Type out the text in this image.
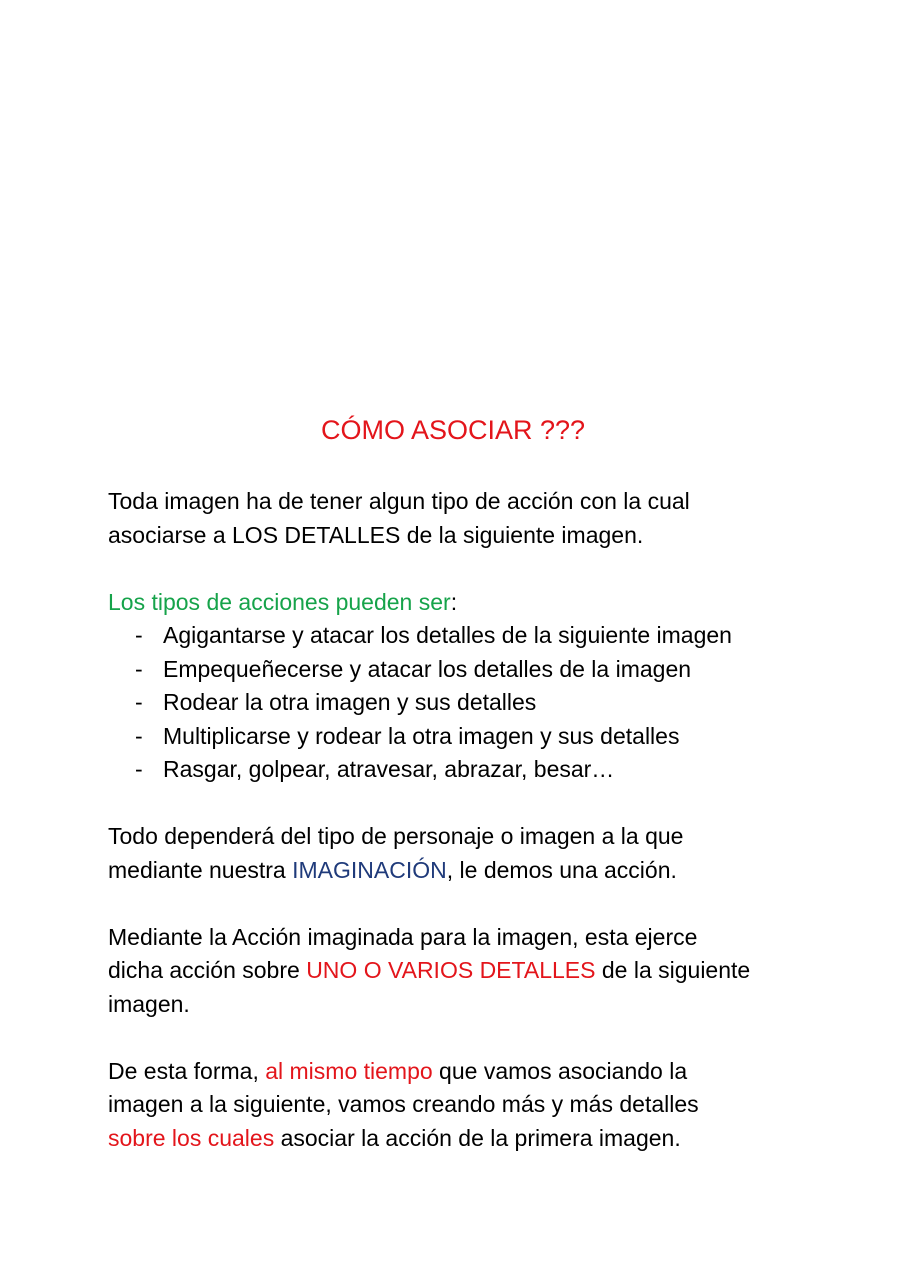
CÓMO ASOCIAR ???

Toda imagen ha de tener algun tipo de acción con la cual
asociarse a LOS DETALLES de la siguiente imagen.

Los tipos de acciones pueden ser:

- Agigantarse y atacar los detalles de la siguiente imagen
- Empequeñecerse y atacar los detalles de la imagen
- Rodear la otra imagen y sus detalles
- Multiplicarse y rodear la otra imagen y sus detalles
- Rasgar, golpear, atravesar, abrazar, besar…

Todo dependerá del tipo de personaje o imagen a la que
mediante nuestra IMAGINACIÓN, le demos una acción.

Mediante la Acción imaginada para la imagen, esta ejerce
dicha acción sobre UNO O VARIOS DETALLES de la siguiente
imagen.

De esta forma, al mismo tiempo que vamos asociando la
imagen a la siguiente, vamos creando más y más detalles
sobre los cuales asociar la acción de la primera imagen.
